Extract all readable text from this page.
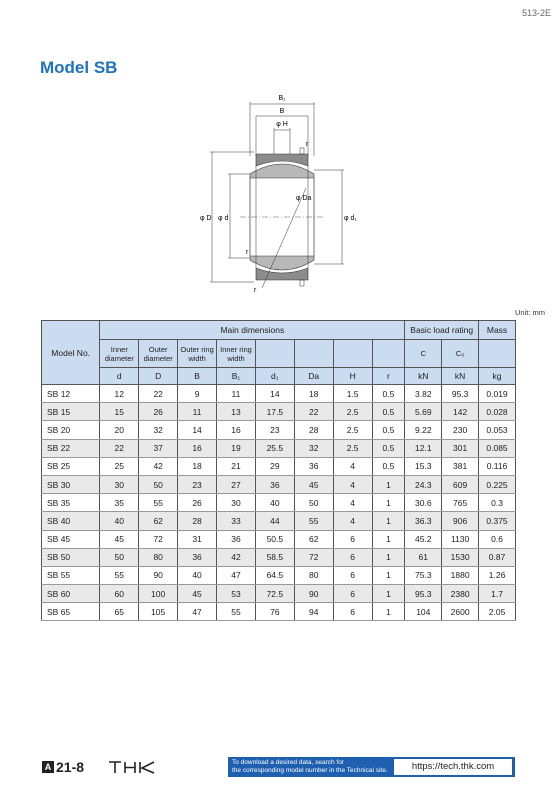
513-2E
Model SB
B₁
B
φ H
r
φ D φ d	φ d₁
φ Da
r
r
Unit: mm
Model No.	Main dimensions								Basic load rating		Mass
	Inner diameter	Outer diameter	Outer ring width	Inner ring width					C	C₀	
	d	D	B	B₁	d₁	Da	H	r	kN	kN	kg
SB 12	12	22	9	11	14	18	1.5	0.5	3.82	95.3	0.019
SB 15	15	26	11	13	17.5	22	2.5	0.5	5.69	142	0.028
SB 20	20	32	14	16	23	28	2.5	0.5	9.22	230	0.053
SB 22	22	37	16	19	25.5	32	2.5	0.5	12.1	301	0.085
SB 25	25	42	18	21	29	36	4	0.5	15.3	381	0.116
SB 30	30	50	23	27	36	45	4	1	24.3	609	0.225
SB 35	35	55	26	30	40	50	4	1	30.6	765	0.3
SB 40	40	62	28	33	44	55	4	1	36.3	906	0.375
SB 45	45	72	31	36	50.5	62	6	1	45.2	1130	0.6
SB 50	50	80	36	42	58.5	72	6	1	61	1530	0.87
SB 55	55	90	40	47	64.5	80	6	1	75.3	1880	1.26
SB 60	60	100	45	53	72.5	90	6	1	95.3	2380	1.7
SB 65	65	105	47	55	76	94	6	1	104	2600	2.05
A 21-8	To download a desired data, search for
the corresponding model number in the Technical site.	https://tech.thk.com
